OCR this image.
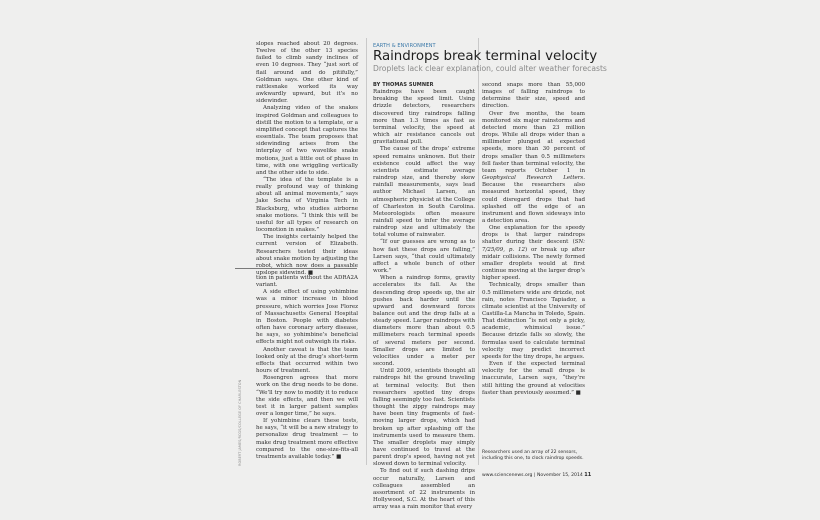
slopes reached about 20 degrees. Twelve of the other 13 species failed to climb sandy inclines of even 10 degrees. They “just sort of flail around and do pitifully,” Goldman says. One other kind of rattlesnake worked its way awkwardly upward, but it’s no sidewinder.

Analyzing video of the snakes inspired Goldman and colleagues to distill the motion to a template, or a simplified concept that captures the essentials. The team proposes that sidewinding arises from the interplay of two wavelike snake motions, just a little out of phase in time, with one wriggling vertically and the other side to side.

“The idea of the template is a really profound way of thinking about all animal movements,” says Jake Socha of Virginia Tech in Blacksburg, who studies airborne snake motions. “I think this will be useful for all types of research on locomotion in snakes.”

The insights certainly helped the current version of Elizabeth. Researchers tested their ideas about snake motion by adjusting the robot, which now does a passable upslope sidewind. ■

tion in patients without the ADRA2A variant.

A side effect of using yohimbine was a minor increase in blood pressure, which worries Jose Florez of Massachusetts General Hospital in Boston. People with diabetes often have coronary artery disease, he says, so yohimbine’s beneficial effects might not outweigh its risks.

Another caveat is that the team looked only at the drug’s short-term effects that occurred within two hours of treatment.

Rosengren agrees that more work on the drug needs to be done. “We’ll try now to modify it to reduce the side effects, and then we will test it in larger patient samples over a longer time,” he says.

If yohimbine clears these tests, he says, “it will be a new strategy to personalize drug treatment — to make drug treatment more effective compared to the one-size-fits-all treatments available today.” ■

ROBERT JAMES/RCGS/COLLEGE OF CHARLESTON
EARTH & ENVIRONMENT
Raindrops break terminal velocity
Droplets lack clear explanation, could alter weather forecasts

BY THOMAS SUMNER
Raindrops have been caught breaking the speed limit. Using drizzle detectors, researchers discovered tiny raindrops falling more than 1.3 times as fast as terminal velocity, the speed at which air resistance cancels out gravitational pull.

The cause of the drops’ extreme speed remains unknown. But their existence could affect the way scientists estimate average raindrop size, and thereby skew rainfall measurements, says lead author Michael Larsen, an atmospheric physicist at the College of Charleston in South Carolina. Meteorologists often measure rainfall speed to infer the average raindrop size and ultimately the total volume of rainwater.

“If our guesses are wrong as to how fast these drops are falling,” Larsen says, “that could ultimately affect a whole bunch of other work.”

When a raindrop forms, gravity accelerates its fall. As the descending drop speeds up, the air pushes back harder until the upward and downward forces balance out and the drop falls at a steady speed. Larger raindrops with diameters more than about 0.5 millimeters reach terminal speeds of several meters per second. Smaller drops are limited to velocities under a meter per second.

Until 2009, scientists thought all raindrops hit the ground traveling at terminal velocity. But then researchers spotted tiny drops falling seemingly too fast. Scientists thought the zippy raindrops may have been tiny fragments of fast-moving larger drops, which had broken up after splashing off the instruments used to measure them. The smaller droplets may simply have continued to travel at the parent drop’s speed, having not yet slowed down to terminal velocity.

To find out if such dashing drips occur naturally, Larsen and colleagues assembled an assortment of 22 instruments in Hollywood, S.C. At the heart of this array was a rain monitor that every

second snaps more than 55,000 images of falling raindrops to determine their size, speed and direction.

Over five months, the team monitored six major rainstorms and detected more than 23 million drops. While all drops wider than a millimeter plunged at expected speeds, more than 30 percent of drops smaller than 0.5 millimeters fell faster than terminal velocity, the team reports October 1 in Geophysical Research Letters. Because the researchers also measured horizontal speed, they could disregard drops that had splashed off the edge of an instrument and flown sideways into a detection area.

One explanation for the speedy drops is that larger raindrops shatter during their descent (SN: 7/25/09, p. 12) or break up after midair collisions. The newly formed smaller droplets would at first continue moving at the larger drop’s higher speed.

Technically, drops smaller than 0.5 millimeters wide are drizzle, not rain, notes Francisco Tapiador, a climate scientist at the University of Castilla-La Mancha in Toledo, Spain. That distinction “is not only a picky, academic, whimsical issue.” Because drizzle falls so slowly, the formulas used to calculate terminal velocity may predict incorrect speeds for the tiny drops, he argues.

Even if the expected terminal velocity for the small drops is inaccurate, Larsen says, “they’re still hitting the ground at velocities faster than previously assumed.” ■

Researchers used an array of 22 sensors, including this one, to clock raindrop speeds.
www.sciencenews.org | November 15, 2014 11
